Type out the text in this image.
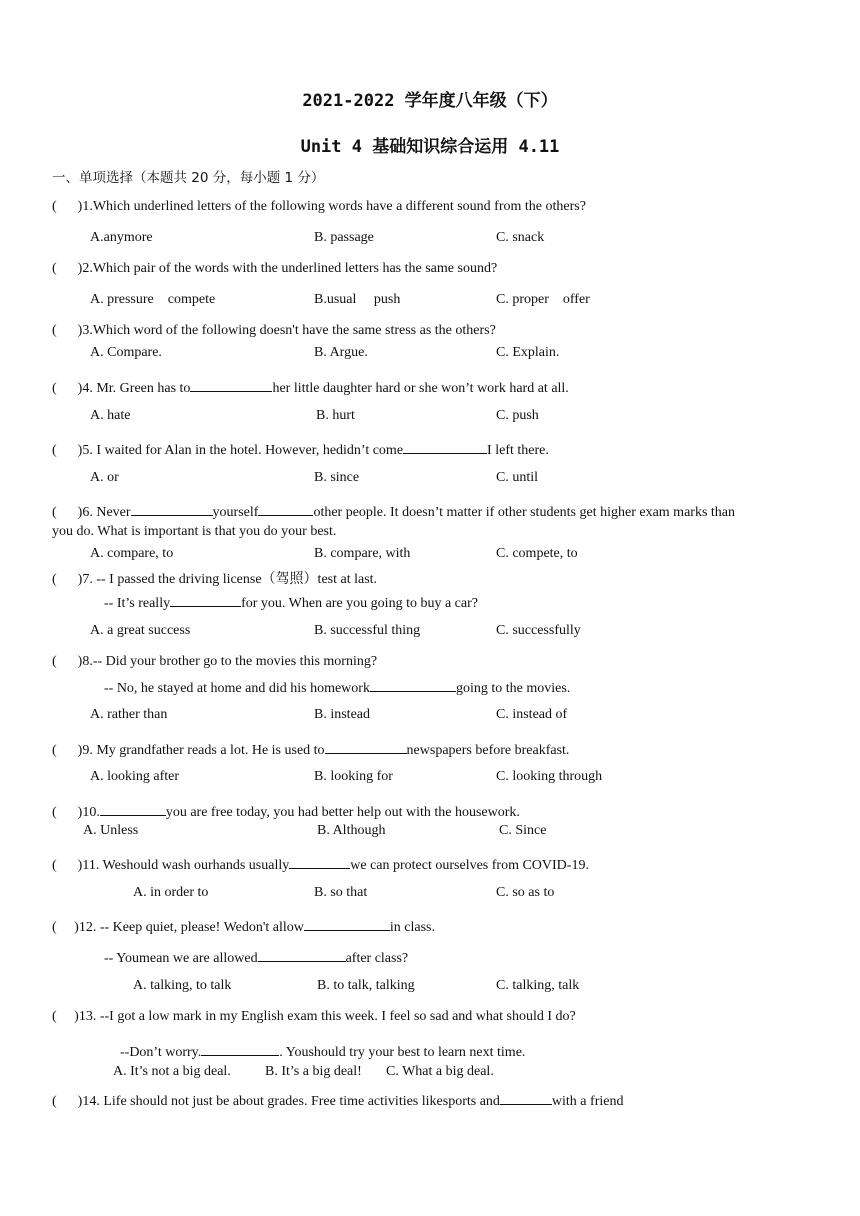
2021-2022 学年度八年级（下）
Unit 4 基础知识综合运用 4.11
一、单项选择（本题共 20 分，每小题 1 分）
( )1.Which underlined letters of the following words have a different sound from the others?
A.anymore	B. passage	C. snack
( )2.Which pair of the words with the underlined letters has the same sound?
A. pressure    compete	B.usual     push	C. proper    offer
( )3.Which word of the following doesn't have the same stress as the others?
A. Compare.	B. Argue.	C. Explain.
( )4. Mr. Green has to	her little daughter hard or she won’t work hard at all.
A. hate	B. hurt	C. push
( )5. I waited for Alan in the hotel. However, hedidn’t come	I left there.
A. or	B. since	C. until
( )6. Never	yourself	other people. It doesn’t matter if other students get higher exam marks than
you do. What is important is that you do your best.
A. compare, to	B. compare, with	C. compete, to
( )7. -- I passed the driving license（驾照）test at last.
-- It’s really	for you. When are you going to buy a car?
A. a great success	B. successful thing	C. successfully
( )8.-- Did your brother go to the movies this morning?
-- No, he stayed at home and did his homework	going to the movies.
A. rather than	B. instead	C. instead of
( )9. My grandfather reads a lot. He is used to	newspapers before breakfast.
A. looking after	B. looking for	C. looking through
( )10.	you are free today, you had better help out with the housework.
A. Unless	B. Although	C. Since
( )11. Weshould wash ourhands usually	we can protect ourselves from COVID-19.
A. in order to	B. so that	C. so as to
( )12. -- Keep quiet, please! Wedon't allow	in class.
-- Youmean we are allowed	after class?
A. talking, to talk	B. to talk, talking	C. talking, talk
( )13. --I got a low mark in my English exam this week. I feel so sad and what should I do?
--Don’t worry.	. Youshould try your best to learn next time.
A. It’s not a big deal. B. It’s a big deal! C. What a big deal.
( )14. Life should not just be about grades. Free time activities likesports and	with a friend
